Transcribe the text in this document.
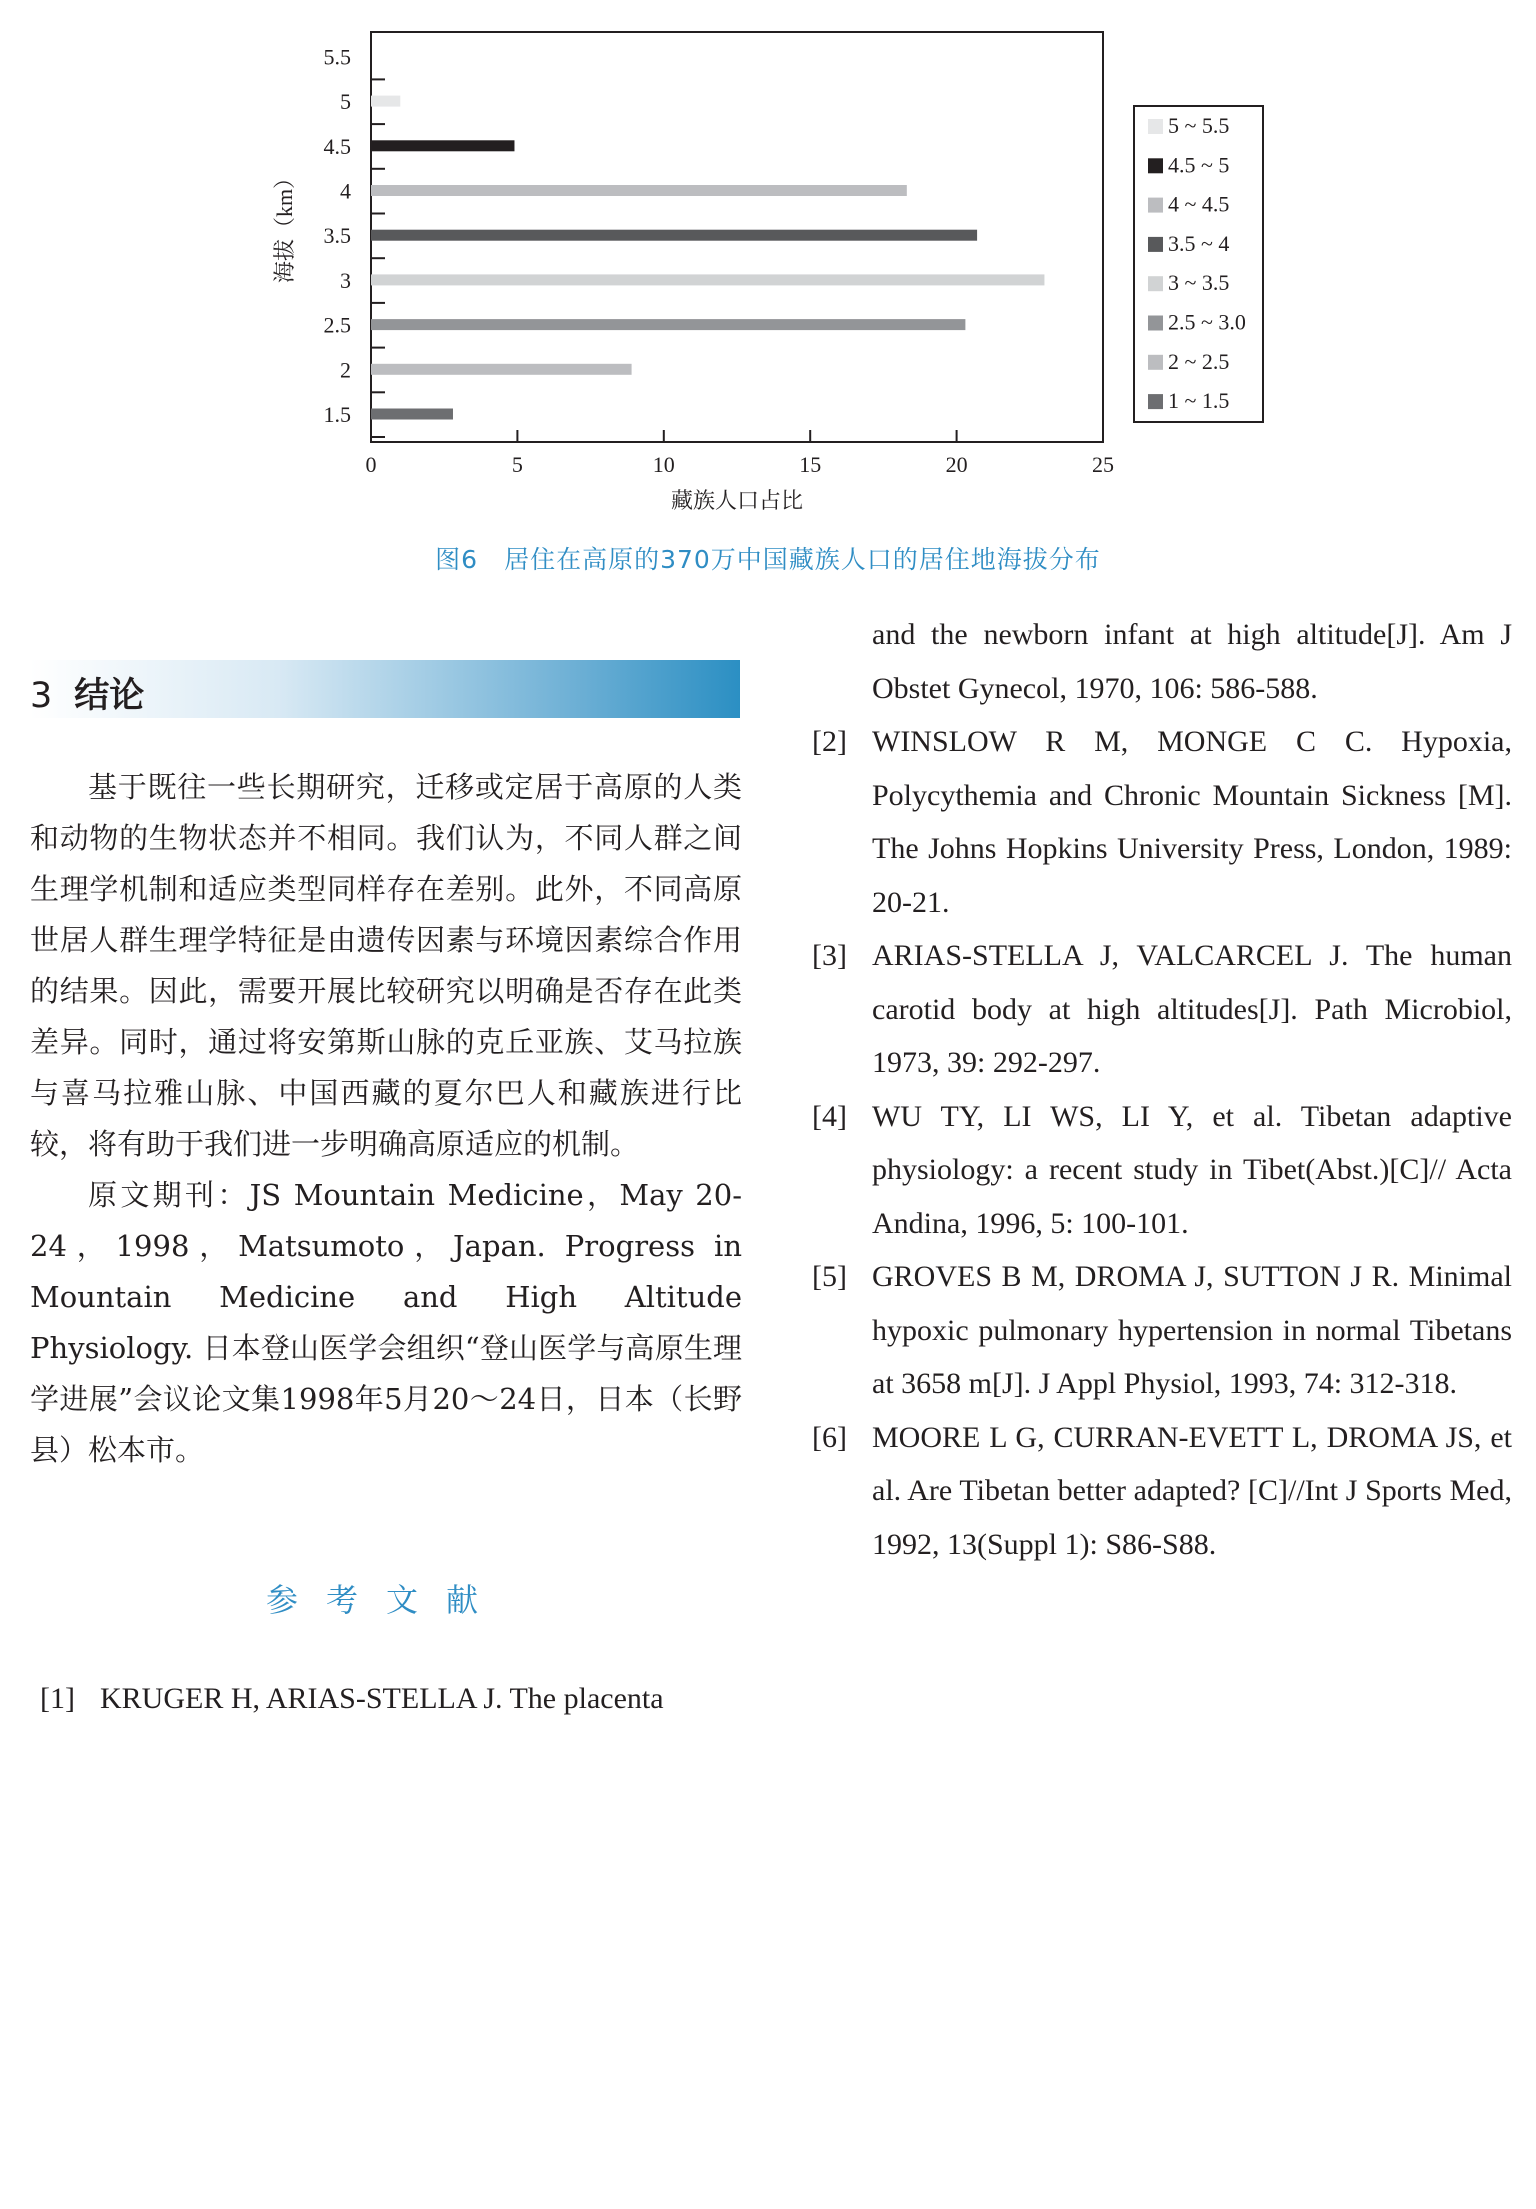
1.5
2
2.5
3
3.5
4
4.5
5
5.5
0	5	10	15	20	25
藏族人口占比
海拔（km）
5 ~ 5.5
4.5 ~ 5
4 ~ 4.5
3.5 ~ 4
3 ~ 3.5
2.5 ~ 3.0
2 ~ 2.5
1 ~ 1.5
图6　居住在高原的370万中国藏族人口的居住地海拔分布
3 结论

基于既往一些长期研究，迁移或定居于高原的人类和动物的生物状态并不相同。我们认为，不同人群之间生理学机制和适应类型同样存在差别。此外，不同高原世居人群生理学特征是由遗传因素与环境因素综合作用的结果。因此，需要开展比较研究以明确是否存在此类差异。同时，通过将安第斯山脉的克丘亚族、艾马拉族与喜马拉雅山脉、中国西藏的夏尔巴人和藏族进行比较，将有助于我们进一步明确高原适应的机制。

原文期刊：JS Mountain Medicine，May 20-24，1998，Matsumoto，Japan. Progress in Mountain Medicine and High Altitude Physiology. 日本登山医学会组织“登山医学与高原生理学进展”会议论文集1998年5月20～24日，日本（长野县）松本市。

参考文献
[1] KRUGER H, ARIAS-STELLA J. The placenta
and the newborn infant at high altitude[J]. Am J Obstet Gynecol, 1970, 106: 586-588.
[2] WINSLOW R M, MONGE C C. Hypoxia, Polycythemia and Chronic Mountain Sickness [M]. The Johns Hopkins University Press, London, 1989: 20-21.
[3] ARIAS-STELLA J, VALCARCEL J. The human carotid body at high altitudes[J]. Path Microbiol, 1973, 39: 292-297.
[4] WU TY, LI WS, LI Y, et al. Tibetan adaptive physiology: a recent study in Tibet(Abst.)[C]// Acta Andina, 1996, 5: 100-101.
[5] GROVES B M, DROMA J, SUTTON J R. Minimal hypoxic pulmonary hypertension in normal Tibetans at 3658 m[J]. J Appl Physiol, 1993, 74: 312-318.
[6] MOORE L G, CURRAN-EVETT L, DROMA JS, et al. Are Tibetan better adapted? [C]//Int J Sports Med, 1992, 13(Suppl 1): S86-S88.
